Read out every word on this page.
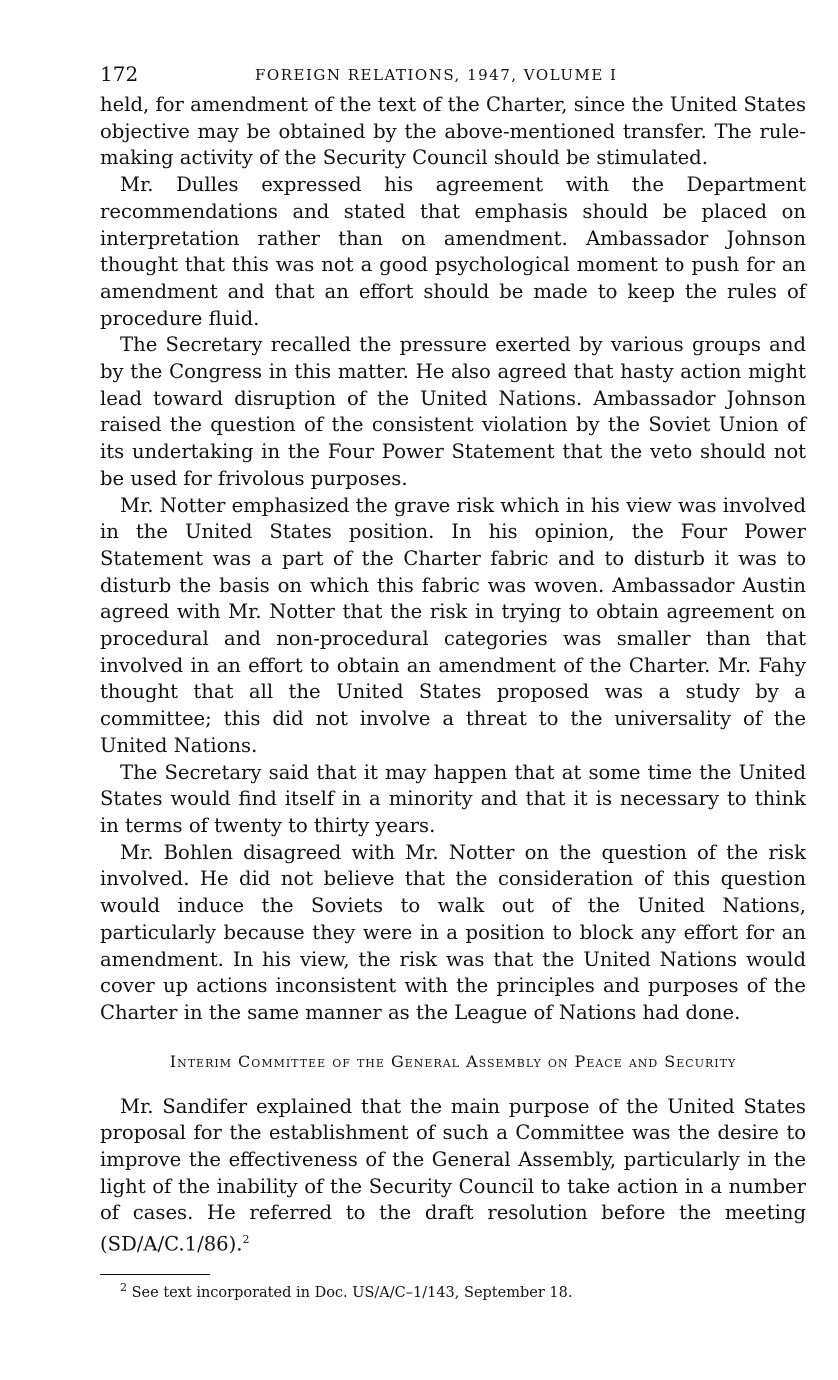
172	FOREIGN RELATIONS, 1947, VOLUME I

held, for amendment of the text of the Charter, since the United States objective may be obtained by the above-mentioned transfer. The rule-making activity of the Security Council should be stimulated.

Mr. Dulles expressed his agreement with the Department recommendations and stated that emphasis should be placed on interpretation rather than on amendment. Ambassador Johnson thought that this was not a good psychological moment to push for an amendment and that an effort should be made to keep the rules of procedure fluid.

The Secretary recalled the pressure exerted by various groups and by the Congress in this matter. He also agreed that hasty action might lead toward disruption of the United Nations. Ambassador Johnson raised the question of the consistent violation by the Soviet Union of its undertaking in the Four Power Statement that the veto should not be used for frivolous purposes.

Mr. Notter emphasized the grave risk which in his view was involved in the United States position. In his opinion, the Four Power Statement was a part of the Charter fabric and to disturb it was to disturb the basis on which this fabric was woven. Ambassador Austin agreed with Mr. Notter that the risk in trying to obtain agreement on procedural and non-procedural categories was smaller than that involved in an effort to obtain an amendment of the Charter. Mr. Fahy thought that all the United States proposed was a study by a committee; this did not involve a threat to the universality of the United Nations.

The Secretary said that it may happen that at some time the United States would find itself in a minority and that it is necessary to think in terms of twenty to thirty years.

Mr. Bohlen disagreed with Mr. Notter on the question of the risk involved. He did not believe that the consideration of this question would induce the Soviets to walk out of the United Nations, particularly because they were in a position to block any effort for an amendment. In his view, the risk was that the United Nations would cover up actions inconsistent with the principles and purposes of the Charter in the same manner as the League of Nations had done.

Interim Committee of the General Assembly on Peace and Security

Mr. Sandifer explained that the main purpose of the United States proposal for the establishment of such a Committee was the desire to improve the effectiveness of the General Assembly, particularly in the light of the inability of the Security Council to take action in a number of cases. He referred to the draft resolution before the meeting (SD/A/C.1/86).$^2$

$^2$ See text incorporated in Doc. US/A/C–1/143, September 18.
